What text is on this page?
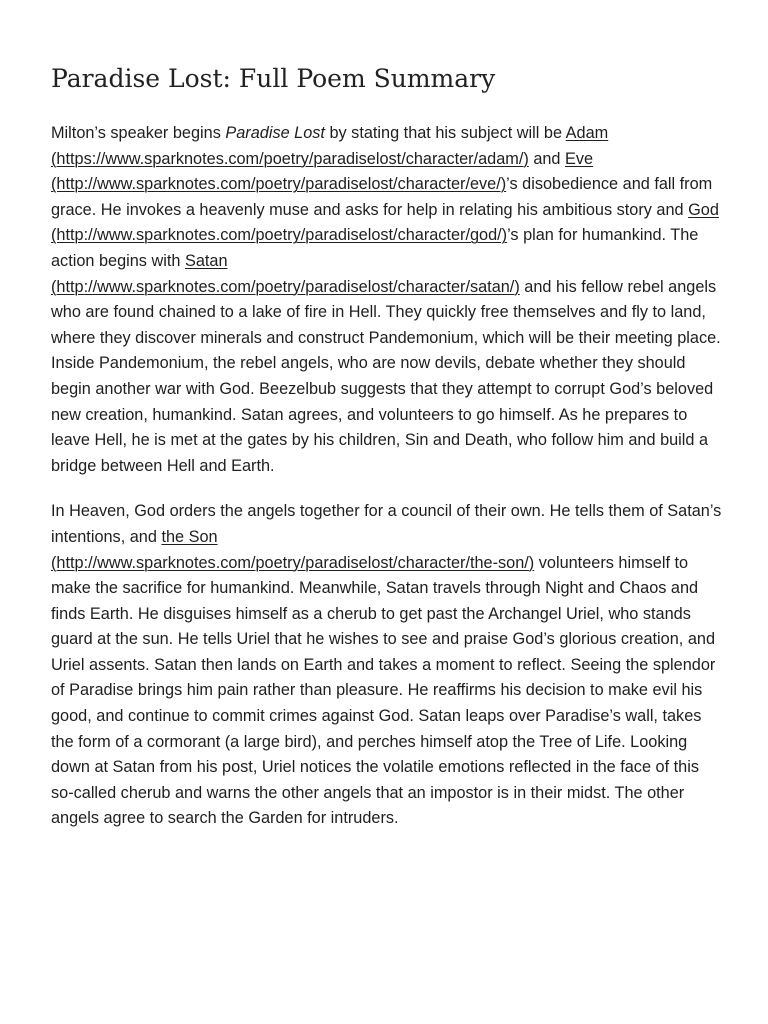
Paradise Lost: Full Poem Summary

Milton’s speaker begins Paradise Lost by stating that his subject will be Adam
(https://www.sparknotes.com/poetry/paradiselost/character/adam/) and Eve
(http://www.sparknotes.com/poetry/paradiselost/character/eve/)’s disobedience and fall from grace. He invokes a heavenly muse and asks for help in relating his ambitious story and God
(http://www.sparknotes.com/poetry/paradiselost/character/god/)’s plan for humankind. The action begins with Satan
(http://www.sparknotes.com/poetry/paradiselost/character/satan/) and his fellow rebel angels who are found chained to a lake of fire in Hell. They quickly free themselves and fly to land, where they discover minerals and construct Pandemonium, which will be their meeting place. Inside Pandemonium, the rebel angels, who are now devils, debate whether they should begin another war with God. Beezelbub suggests that they attempt to corrupt God’s beloved new creation, humankind. Satan agrees, and volunteers to go himself. As he prepares to leave Hell, he is met at the gates by his children, Sin and Death, who follow him and build a bridge between Hell and Earth.

In Heaven, God orders the angels together for a council of their own. He tells them of Satan’s intentions, and the Son
(http://www.sparknotes.com/poetry/paradiselost/character/the-son/) volunteers himself to make the sacrifice for humankind. Meanwhile, Satan travels through Night and Chaos and finds Earth. He disguises himself as a cherub to get past the Archangel Uriel, who stands guard at the sun. He tells Uriel that he wishes to see and praise God’s glorious creation, and Uriel assents. Satan then lands on Earth and takes a moment to reflect. Seeing the splendor of Paradise brings him pain rather than pleasure. He reaffirms his decision to make evil his good, and continue to commit crimes against God. Satan leaps over Paradise’s wall, takes the form of a cormorant (a large bird), and perches himself atop the Tree of Life. Looking down at Satan from his post, Uriel notices the volatile emotions reflected in the face of this so-called cherub and warns the other angels that an impostor is in their midst. The other angels agree to search the Garden for intruders.
